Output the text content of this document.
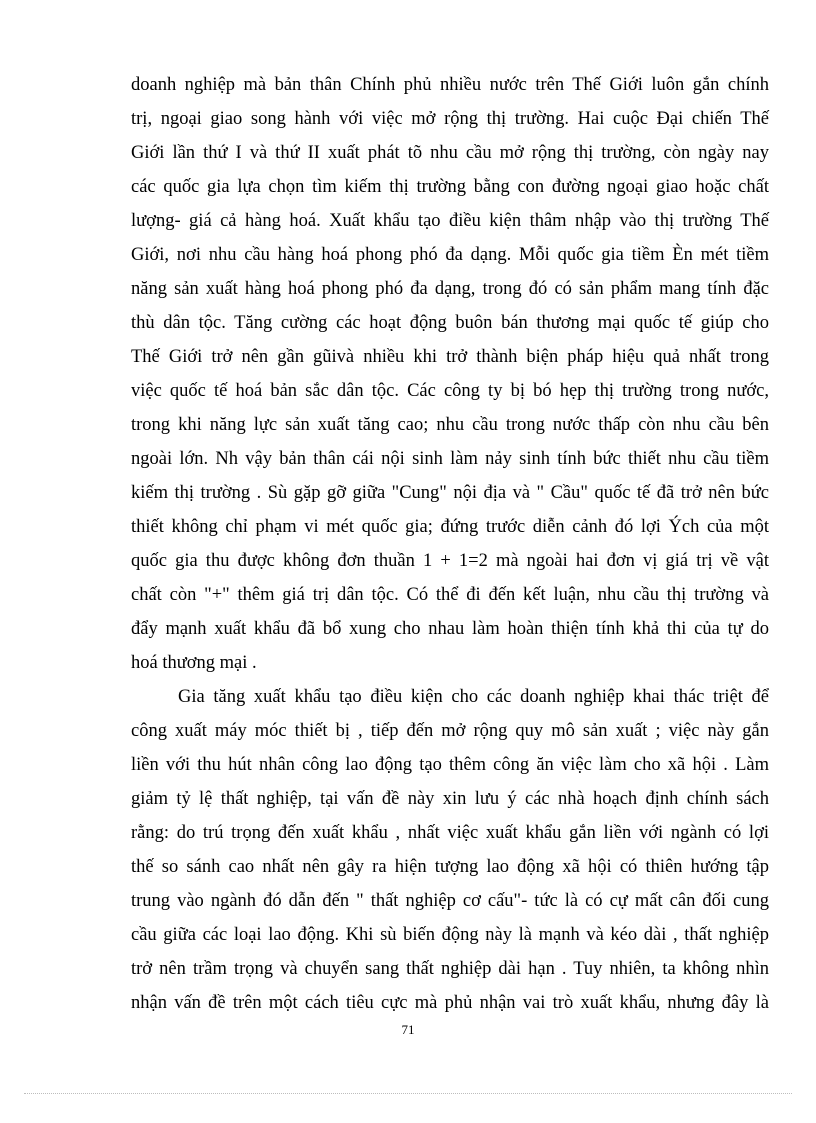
doanh nghiệp mà bản thân Chính phủ nhiều nước trên Thế Giới luôn gắn chính
trị, ngoại giao song hành với việc mở rộng thị trường. Hai cuộc Đại chiến Thế
Giới lần thứ I và thứ II xuất phát tõ nhu cầu mở rộng thị trường, còn ngày nay
các quốc gia lựa chọn tìm kiếm thị trường bằng con đường ngoại giao hoặc chất
lượng- giá cả hàng hoá. Xuất khẩu tạo điều kiện thâm nhập vào thị trường Thế
Giới, nơi nhu cầu hàng hoá phong phó đa dạng. Mỗi quốc gia tiềm Èn mét tiềm
năng sản xuất hàng hoá phong phó đa dạng, trong đó có sản phẩm mang tính đặc
thù dân tộc. Tăng cường các hoạt động buôn bán thương mại quốc tế giúp cho
Thế Giới trở nên gần gũivà nhiều khi trở thành biện pháp hiệu quả nhất trong
việc quốc tế hoá bản sắc dân tộc. Các công ty bị bó hẹp thị trường trong nước,
trong khi năng lực sản xuất tăng cao; nhu cầu trong nước thấp còn nhu cầu bên
ngoài lớn. Nh vậy bản thân cái nội sinh làm nảy sinh tính bức thiết nhu cầu tiềm
kiếm thị trường . Sù gặp gỡ giữa "Cung" nội địa và " Cầu" quốc tế đã trở nên bức
thiết không chỉ phạm vi mét quốc gia; đứng trước diễn cảnh đó lợi Ých của một
quốc gia thu được không đơn thuần 1 + 1=2 mà ngoài hai đơn vị giá trị về vật
chất còn "+" thêm giá trị dân tộc. Có thể đi đến kết luận, nhu cầu thị trường và
đẩy mạnh xuất khẩu đã bổ xung cho nhau làm hoàn thiện tính khả thi của tự do
hoá thương mại .
Gia tăng xuất khẩu tạo điều kiện cho các doanh nghiệp khai thác triệt để
công xuất máy móc thiết bị , tiếp đến mở rộng quy mô sản xuất ; việc này gắn
liền với thu hút nhân công lao động tạo thêm công ăn việc làm cho xã hội . Làm
giảm tỷ lệ thất nghiệp, tại vấn đề này xin lưu ý các nhà hoạch định chính sách
rằng: do trú trọng đến xuất khẩu , nhất việc xuất khẩu gắn liền với ngành có lợi
thế so sánh cao nhất nên gây ra hiện tượng lao động xã hội có thiên hướng tập
trung vào ngành đó dẫn đến " thất nghiệp cơ cấu"- tức là có cự mất cân đối cung
cầu giữa các loại lao động. Khi sù biến động này là mạnh và kéo dài , thất nghiệp
trở nên trầm trọng và chuyển sang thất nghiệp dài hạn . Tuy nhiên, ta không nhìn
nhận vấn đề trên một cách tiêu cực mà phủ nhận vai trò xuất khẩu, nhưng đây là
71
